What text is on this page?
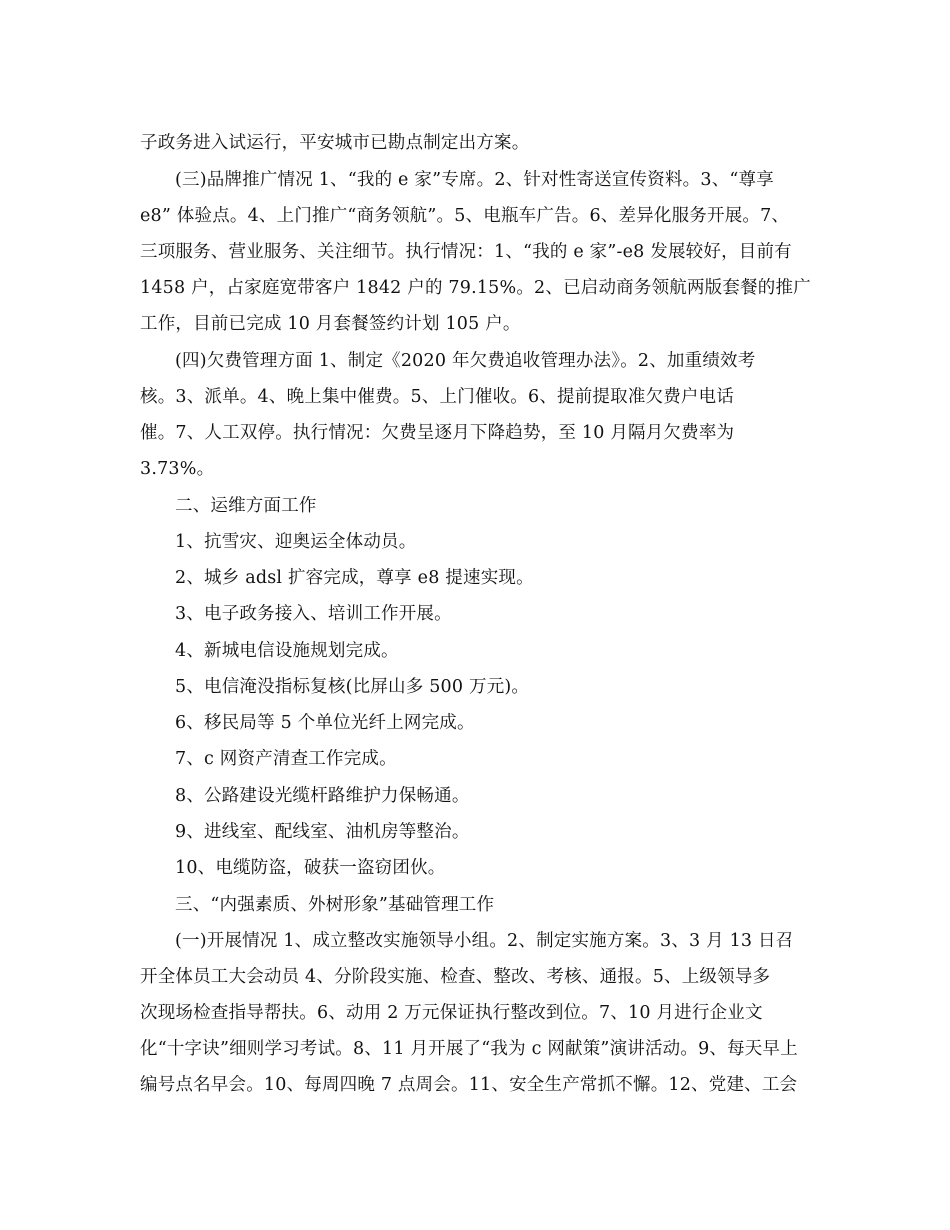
子政务进入试运行，平安城市已勘点制定出方案。
(三)品牌推广情况 1、“我的 e 家”专席。2、针对性寄送宣传资料。3、“尊享
e8” 体验点。4、上门推广“商务领航”。5、电瓶车广告。6、差异化服务开展。7、
三项服务、营业服务、关注细节。执行情况：1、“我的 e 家”-e8 发展较好，目前有
1458 户，占家庭宽带客户 1842 户的 79.15%。2、已启动商务领航两版套餐的推广
工作，目前已完成 10 月套餐签约计划 105 户。
(四)欠费管理方面 1、制定《2020 年欠费追收管理办法》。2、加重绩效考
核。3、派单。4、晚上集中催费。5、上门催收。6、提前提取准欠费户电话
催。7、人工双停。执行情况：欠费呈逐月下降趋势，至 10 月隔月欠费率为
3.73%。
二、运维方面工作
1、抗雪灾、迎奥运全体动员。
2、城乡 adsl 扩容完成，尊享 e8 提速实现。
3、电子政务接入、培训工作开展。
4、新城电信设施规划完成。
5、电信淹没指标复核(比屏山多 500 万元)。
6、移民局等 5 个单位光纤上网完成。
7、c 网资产清查工作完成。
8、公路建设光缆杆路维护力保畅通。
9、进线室、配线室、油机房等整治。
10、电缆防盗，破获一盗窃团伙。
三、“内强素质、外树形象”基础管理工作
(一)开展情况 1、成立整改实施领导小组。2、制定实施方案。3、3 月 13 日召
开全体员工大会动员 4、分阶段实施、检查、整改、考核、通报。5、上级领导多
次现场检查指导帮扶。6、动用 2 万元保证执行整改到位。7、10 月进行企业文
化“十字诀”细则学习考试。8、11 月开展了“我为 c 网献策”演讲活动。9、每天早上
编号点名早会。10、每周四晚 7 点周会。11、安全生产常抓不懈。12、党建、工会
